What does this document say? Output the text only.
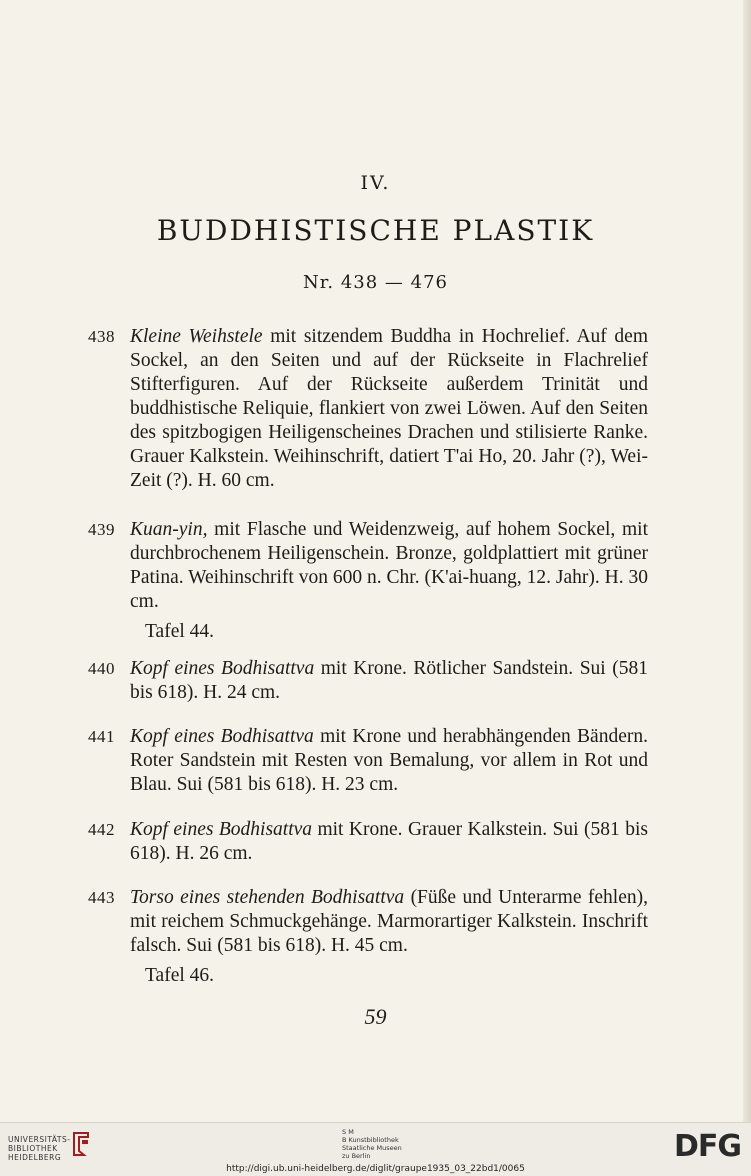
IV.
BUDDHISTISCHE PLASTIK
Nr. 438 — 476
438 Kleine Weihstele mit sitzendem Buddha in Hochrelief. Auf dem Sockel, an den Seiten und auf der Rückseite in Flachrelief Stifterfiguren. Auf der Rückseite außerdem Trinität und buddhistische Reliquie, flankiert von zwei Löwen. Auf den Seiten des spitzbogigen Heiligenscheines Drachen und stilisierte Ranke. Grauer Kalkstein. Weihinschrift, datiert T'ai Ho, 20. Jahr (?), Wei-Zeit (?). H. 60 cm.
439 Kuan-yin, mit Flasche und Weidenzweig, auf hohem Sockel, mit durchbrochenem Heiligenschein. Bronze, goldplattiert mit grüner Patina. Weihinschrift von 600 n. Chr. (K'ai-huang, 12. Jahr). H. 30 cm.
Tafel 44.
440 Kopf eines Bodhisattva mit Krone. Rötlicher Sandstein. Sui (581 bis 618). H. 24 cm.
441 Kopf eines Bodhisattva mit Krone und herabhängenden Bändern. Roter Sandstein mit Resten von Bemalung, vor allem in Rot und Blau. Sui (581 bis 618). H. 23 cm.
442 Kopf eines Bodhisattva mit Krone. Grauer Kalkstein. Sui (581 bis 618). H. 26 cm.
443 Torso eines stehenden Bodhisattva (Füße und Unterarme fehlen), mit reichem Schmuckgehänge. Marmorartiger Kalkstein. Inschrift falsch. Sui (581 bis 618). H. 45 cm.
Tafel 46.
59
UNIVERSITÄTS-
BIBLIOTHEK
HEIDELBERG
S M
B Kunstbibliothek
Staatliche Museen
zu Berlin
http://digi.ub.uni-heidelberg.de/diglit/graupe1935_03_22bd1/0065
DFG
